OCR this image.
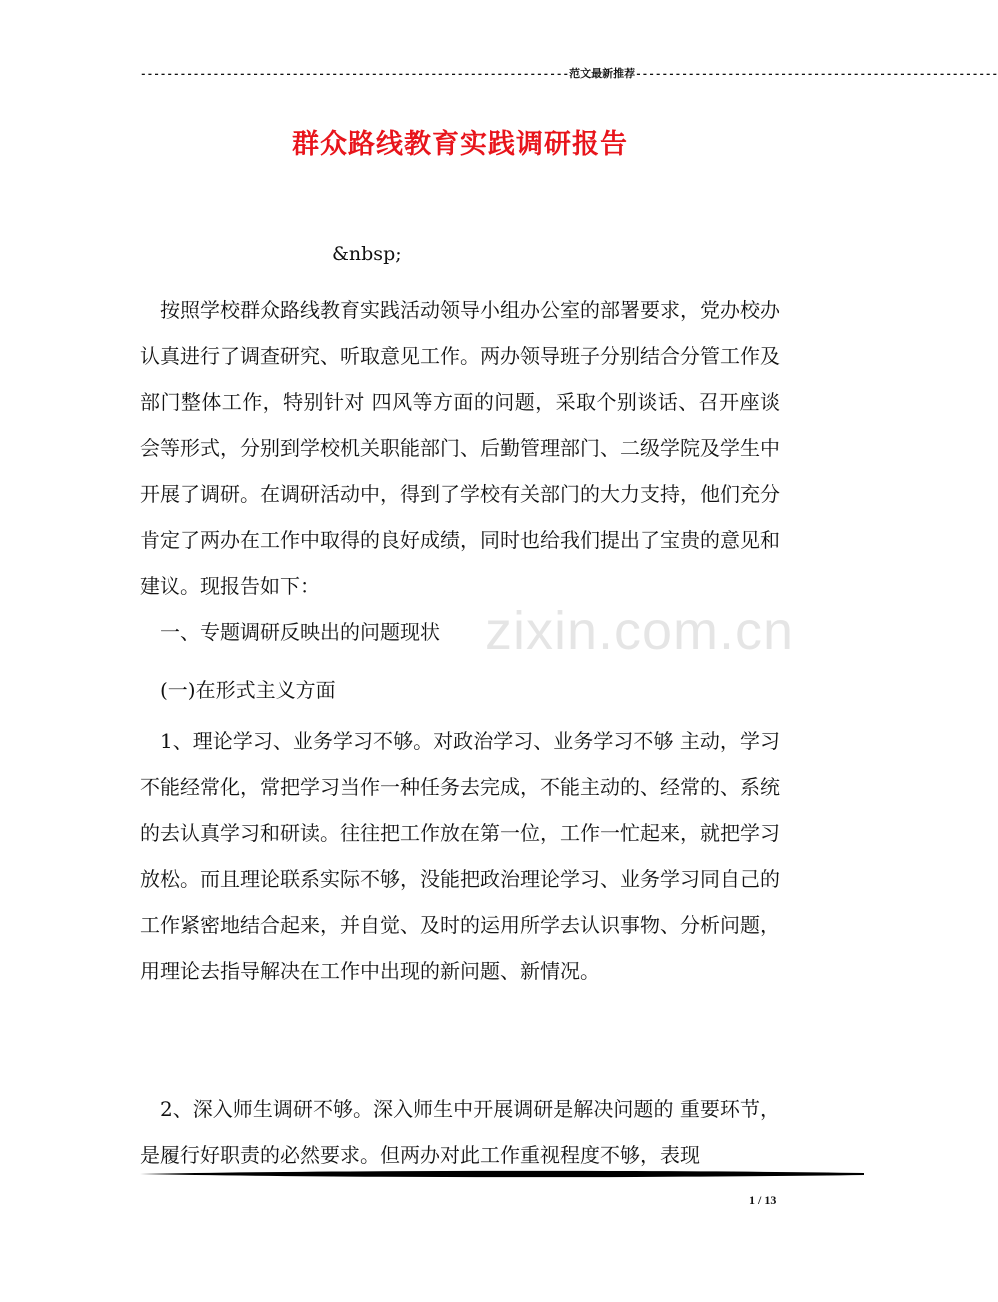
-----------------------------------------------------------------范文最新推荐-------------------------------------------------------
群众路线教育实践调研报告
&nbsp;

按照学校群众路线教育实践活动领导小组办公室的部署要求，党办校办认真进行了调查研究、听取意见工作。两办领导班子分别结合分管工作及部门整体工作，特别针对 四风等方面的问题，采取个别谈话、召开座谈会等形式，分别到学校机关职能部门、后勤管理部门、二级学院及学生中开展了调研。在调研活动中，得到了学校有关部门的大力支持，他们充分肯定了两办在工作中取得的良好成绩，同时也给我们提出了宝贵的意见和建议。现报告如下：

一、专题调研反映出的问题现状

(一)在形式主义方面

1、理论学习、业务学习不够。对政治学习、业务学习不够 主动，学习不能经常化，常把学习当作一种任务去完成，不能主动的、经常的、系统的去认真学习和研读。往往把工作放在第一位，工作一忙起来，就把学习放松。而且理论联系实际不够，没能把政治理论学习、业务学习同自己的工作紧密地结合起来，并自觉、及时的运用所学去认识事物、分析问题，用理论去指导解决在工作中出现的新问题、新情况。

2、深入师生调研不够。深入师生中开展调研是解决问题的 重要环节，是履行好职责的必然要求。但两办对此工作重视程度不够，表现

zixin.com.cn
1 / 13
